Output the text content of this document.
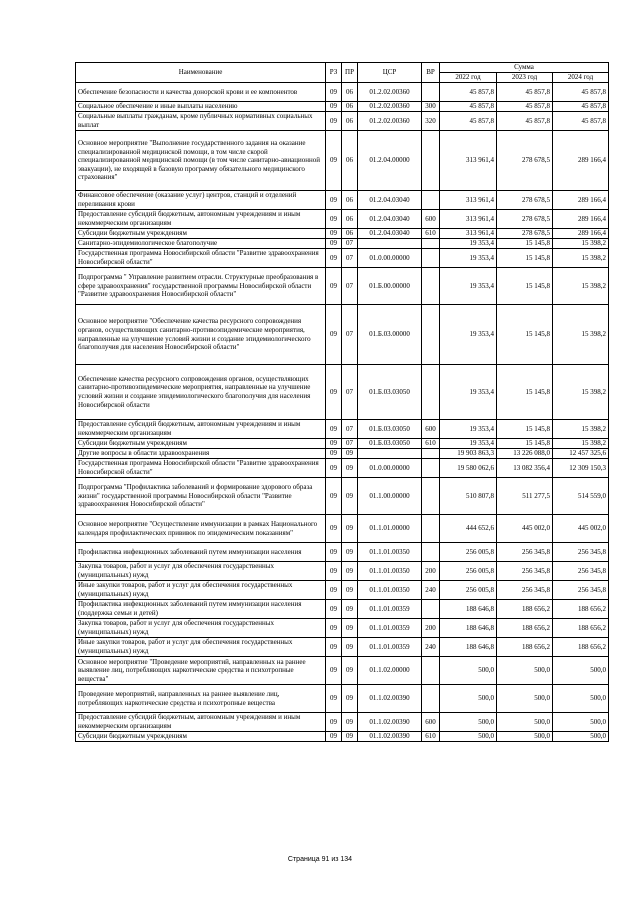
Наименование	РЗ	ПР	ЦСР	ВР	Сумма		
					2022 год	2023 год	2024 год
Обеспечение безопасности и качества донорской крови и ее компонентов	09	06	01.2.02.00360		45 857,8	45 857,8	45 857,8
Социальное обеспечение и иные выплаты населению	09	06	01.2.02.00360	300	45 857,8	45 857,8	45 857,8
Социальные выплаты гражданам, кроме публичных нормативных социальных выплат	09	06	01.2.02.00360	320	45 857,8	45 857,8	45 857,8
Основное мероприятие "Выполнение государственного задания на оказание специализированной медицинской помощи, в том числе скорой специализированной медицинской помощи (в том числе санитарно-авиационной эвакуации), не входящей в базовую программу обязательного медицинского страхования"	09	06	01.2.04.00000		313 961,4	278 678,5	289 166,4
Финансовое обеспечение (оказание услуг) центров, станций и отделений переливания крови	09	06	01.2.04.03040		313 961,4	278 678,5	289 166,4
Предоставление субсидий бюджетным, автономным учреждениям и иным некоммерческим организациям	09	06	01.2.04.03040	600	313 961,4	278 678,5	289 166,4
Субсидии бюджетным учреждениям	09	06	01.2.04.03040	610	313 961,4	278 678,5	289 166,4
Санитарно-эпидемиологическое благополучие	09	07			19 353,4	15 145,8	15 398,2
Государственная программа Новосибирской области "Развитие здравоохранения Новосибирской области"	09	07	01.0.00.00000		19 353,4	15 145,8	15 398,2
Подпрограмма " Управление развитием отрасли. Структурные преобразования в сфере здравоохранения" государственной программы Новосибирской области "Развитие здравоохранения Новосибирской области"	09	07	01.Б.00.00000		19 353,4	15 145,8	15 398,2
Основное мероприятие "Обеспечение качества ресурсного сопровождения органов, осуществляющих санитарно-противоэпидемические мероприятия, направленные на улучшение условий жизни и создание эпидемиологического благополучия для населения Новосибирской области"	09	07	01.Б.03.00000		19 353,4	15 145,8	15 398,2
Обеспечение качества ресурсного сопровождения органов, осуществляющих санитарно-противоэпидемические мероприятия, направленные на улучшение условий жизни и создание эпидемиологического благополучия для населения Новосибирской области	09	07	01.Б.03.03050		19 353,4	15 145,8	15 398,2
Предоставление субсидий бюджетным, автономным учреждениям и иным некоммерческим организациям	09	07	01.Б.03.03050	600	19 353,4	15 145,8	15 398,2
Субсидии бюджетным учреждениям	09	07	01.Б.03.03050	610	19 353,4	15 145,8	15 398,2
Другие вопросы в области здравоохранения	09	09			19 903 863,3	13 226 088,0	12 457 325,6
Государственная программа Новосибирской области "Развитие здравоохранения Новосибирской области"	09	09	01.0.00.00000		19 580 062,6	13 082 356,4	12 309 150,3
Подпрограмма "Профилактика заболеваний и формирование здорового образа жизни" государственной программы Новосибирской области "Развитие здравоохранения Новосибирской области"	09	09	01.1.00.00000		510 807,8	511 277,5	514 559,0
Основное мероприятие "Осуществление иммунизации в рамках Национального календаря профилактических прививок по эпидемическим показаниям"	09	09	01.1.01.00000		444 652,6	445 002,0	445 002,0
Профилактика инфекционных заболеваний путем иммунизации населения	09	09	01.1.01.00350		256 005,8	256 345,8	256 345,8
Закупка товаров, работ и услуг для обеспечения государственных (муниципальных) нужд	09	09	01.1.01.00350	200	256 005,8	256 345,8	256 345,8
Иные закупки товаров, работ и услуг для обеспечения государственных (муниципальных) нужд	09	09	01.1.01.00350	240	256 005,8	256 345,8	256 345,8
Профилактика инфекционных заболеваний путем иммунизации населения (поддержка семьи и детей)	09	09	01.1.01.00359		188 646,8	188 656,2	188 656,2
Закупка товаров, работ и услуг для обеспечения государственных (муниципальных) нужд	09	09	01.1.01.00359	200	188 646,8	188 656,2	188 656,2
Иные закупки товаров, работ и услуг для обеспечения государственных (муниципальных) нужд	09	09	01.1.01.00359	240	188 646,8	188 656,2	188 656,2
Основное мероприятие "Проведение мероприятий, направленных на раннее выявление лиц, потребляющих наркотические средства и психотропные вещества"	09	09	01.1.02.00000		500,0	500,0	500,0
Проведение мероприятий, направленных на раннее выявление лиц, потребляющих наркотические средства и психотропные вещества	09	09	01.1.02.00390		500,0	500,0	500,0
Предоставление субсидий бюджетным, автономным учреждениям и иным некоммерческим организациям	09	09	01.1.02.00390	600	500,0	500,0	500,0
Субсидии бюджетным учреждениям	09	09	01.1.02.00390	610	500,0	500,0	500,0
Страница 91 из 134
